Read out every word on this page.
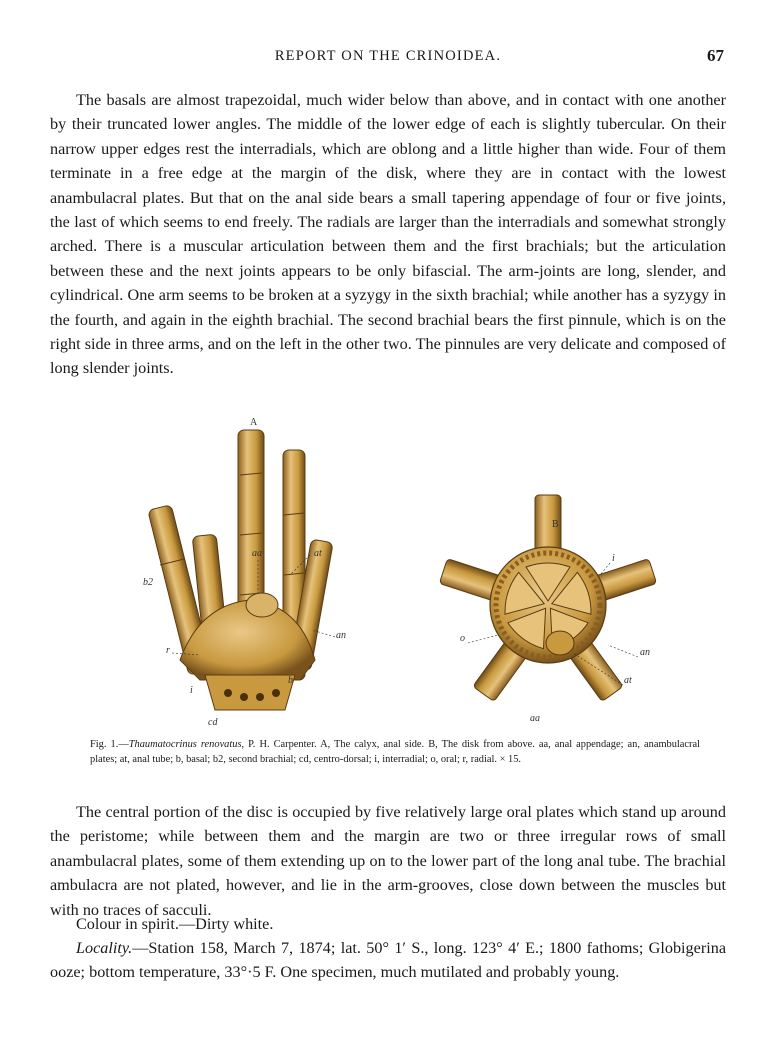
REPORT ON THE CRINOIDEA.	67

The basals are almost trapezoidal, much wider below than above, and in contact with one another by their truncated lower angles. The middle of the lower edge of each is slightly tubercular. On their narrow upper edges rest the interradials, which are oblong and a little higher than wide. Four of them terminate in a free edge at the margin of the disk, where they are in contact with the lowest anambulacral plates. But that on the anal side bears a small tapering appendage of four or five joints, the last of which seems to end freely. The radials are larger than the interradials and somewhat strongly arched. There is a muscular articulation between them and the first brachials; but the articulation between these and the next joints appears to be only bifascial. The arm-joints are long, slender, and cylindrical. One arm seems to be broken at a syzygy in the sixth brachial; while another has a syzygy in the fourth, and again in the eighth brachial. The second brachial bears the first pinnule, which is on the right side in three arms, and on the left in the other two. The pinnules are very delicate and composed of long slender joints.

A
B
aa	at
b2
an
r
i
b
cd
i
o
an
at
aa

Fig. 1.—Thaumatocrinus renovatus, P. H. Carpenter. A, The calyx, anal side. B, The disk from above. aa, anal appendage; an, anambulacral plates; at, anal tube; b, basal; b2, second brachial; cd, centro-dorsal; i, interradial; o, oral; r, radial. × 15.

The central portion of the disc is occupied by five relatively large oral plates which stand up around the peristome; while between them and the margin are two or three irregular rows of small anambulacral plates, some of them extending up on to the lower part of the long anal tube. The brachial ambulacra are not plated, however, and lie in the arm-grooves, close down between the muscles but with no traces of sacculi.

Colour in spirit.—Dirty white.

Locality.—Station 158, March 7, 1874; lat. 50° 1′ S., long. 123° 4′ E.; 1800 fathoms; Globigerina ooze; bottom temperature, 33°·5 F. One specimen, much mutilated and probably young.
